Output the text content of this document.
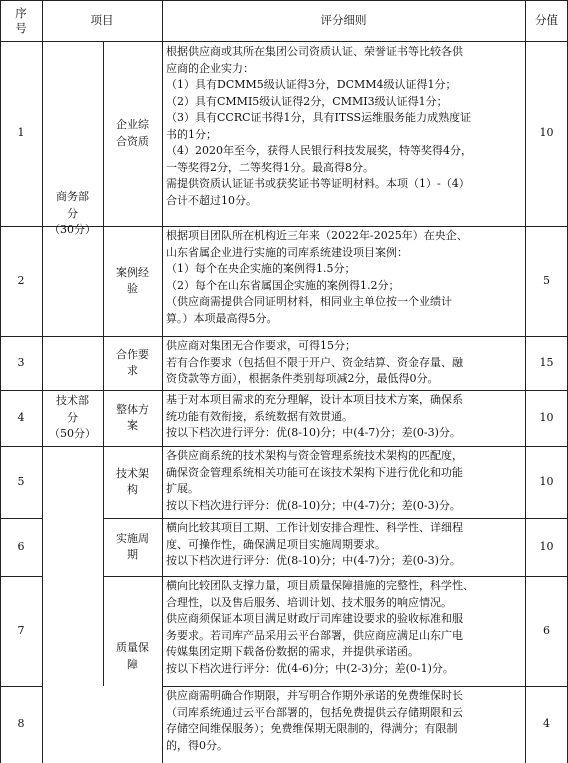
序号
项目	评分细则	分值
商务部
分
（30分）
技术部
分
（50分）
1
企业综
合资质
根据供应商或其所在集团公司资质认证、荣誉证书等比较各供
应商的企业实力：
（1）具有DCMM5级认证得3分，DCMM4级认证得1分；
（2）具有CMMI5级认证得2分，CMMI3级认证得1分；
（3）具有CCRC证书得1分，具有ITSS运维服务能力成熟度证
书的1分；
（4）2020年至今，获得人民银行科技发展奖，特等奖得4分，
一等奖得2分，二等奖得1分。最高得8分。
需提供资质认证证书或获奖证书等证明材料。本项（1）-（4）
合计不超过10分。
10
2
案例经
验
根据项目团队所在机构近三年来（2022年-2025年）在央企、
山东省属企业进行实施的司库系统建设项目案例：
（1）每个在央企实施的案例得1.5分；
（2）每个在山东省属国企实施的案例得1.2分；
（供应商需提供合同证明材料，相同业主单位按一个业绩计
算。）本项最高得5分。
5
3
合作要
求
供应商对集团无合作要求，可得15分；
若有合作要求（包括但不限于开户、资金结算、资金存量、融
资贷款等方面），根据条件类别每项减2分，最低得0分。
15
4
整体方
案
基于对本项目需求的充分理解，设计本项目技术方案，确保系
统功能有效衔接，系统数据有效贯通。
按以下档次进行评分：优(8-10)分；中(4-7)分；差(0-3)分。
10
5
技术架
构
各供应商系统的技术架构与资金管理系统技术架构的匹配度，
确保资金管理系统相关功能可在该技术架构下进行优化和功能
扩展。
按以下档次进行评分：优(8-10)分；中(4-7)分；差(0-3)分。
10
6
实施周
期
横向比较其项目工期、工作计划安排合理性、科学性、详细程
度、可操作性，确保满足项目实施周期要求。
按以下档次进行评分：优(8-10)分；中(4-7)分；差(0-3)分。
10
7
质量保
障
横向比较团队支撑力量，项目质量保障措施的完整性，科学性、
合理性，以及售后服务、培训计划、技术服务的响应情况。
供应商须保证本项目满足财政厅司库建设要求的验收标准和服
务要求。若司库产品采用云平台部署，供应商应满足山东广电
传媒集团定期下载备份数据的需求，并提供承诺函。
按以下档次进行评分：优(4-6)分；中(2-3)分；差(0-1)分。
6
8
供应商需明确合作期限，并写明合作期外承诺的免费维保时长
（司库系统通过云平台部署的，包括免费提供云存储期限和云
存储空间维保服务）；免费维保期无限制的，得满分；有限制
的，得0分。
4
